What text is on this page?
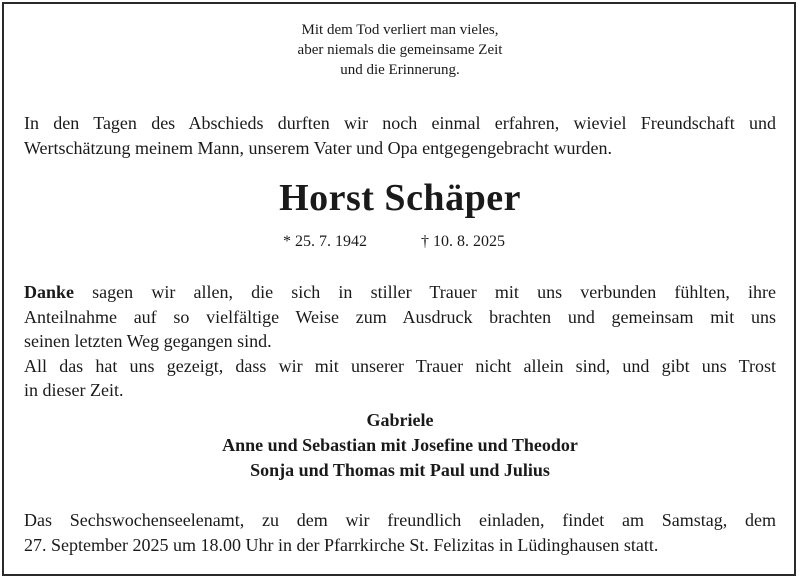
Mit dem Tod verliert man vieles,
aber niemals die gemeinsame Zeit
und die Erinnerung.
In den Tagen des Abschieds durften wir noch einmal erfahren, wieviel Freundschaft und
Wertschätzung meinem Mann, unserem Vater und Opa entgegengebracht wurden.
Horst Schäper
* 25. 7. 1942	† 10. 8. 2025
Danke sagen wir allen, die sich in stiller Trauer mit uns verbunden fühlten, ihre
Anteilnahme auf so vielfältige Weise zum Ausdruck brachten und gemeinsam mit uns
seinen letzten Weg gegangen sind.
All das hat uns gezeigt, dass wir mit unserer Trauer nicht allein sind, und gibt uns Trost
in dieser Zeit.
Gabriele
Anne und Sebastian mit Josefine und Theodor
Sonja und Thomas mit Paul und Julius
Das Sechswochenseelenamt, zu dem wir freundlich einladen, findet am Samstag, dem
27. September 2025 um 18.00 Uhr in der Pfarrkirche St. Felizitas in Lüdinghausen statt.
